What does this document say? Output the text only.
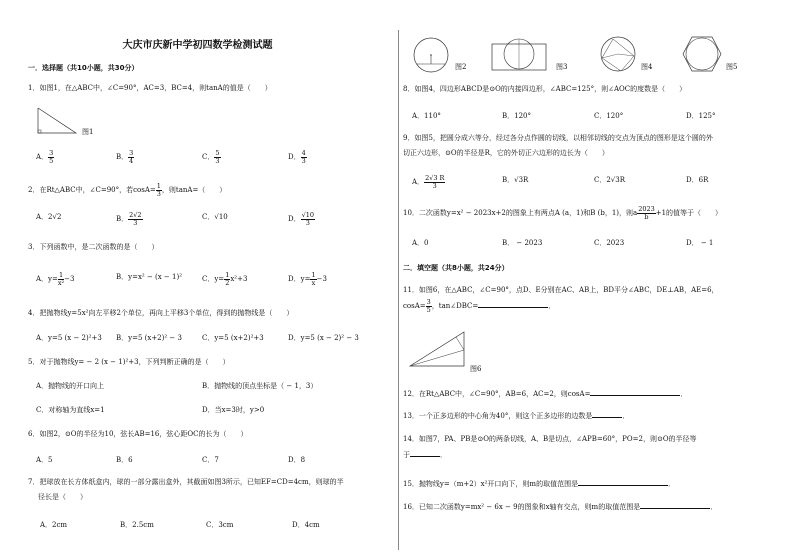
大庆市庆新中学初四数学检测试题
一．选择题（共10小题，共30分）
1．如图1，在△ABC中，∠C=90°，AC=3，BC=4，则tanA的值是（　　）
图1
A． $\frac{3}{5}$	B． $\frac{3}{4}$	C． $\frac{5}{3}$	D． $\frac{4}{3}$
2．在Rt△ABC中，∠C=90°，若$\cos A= \frac{1}{3}$ ，则tanA=（　　）
A．2√2	B． $\frac{2√2}{3}$	C．√10	D． $\frac{√10}{3}$
3．下列函数中，是二次函数的是（　　）
A．$y= \frac{1}{\text{x²}} -3$	B．y=x² − (x − 1)²	C．$y= \frac{1}{2} x^2+3$	D．$y= \frac{1}{x} -3$
4．把抛物线y=5x²向左平移2个单位，再向上平移3个单位，得到的抛物线是（　　）
A．y=5 (x − 2)²+3	B．y=5 (x+2)² − 3	C．y=5 (x+2)²+3	D．y=5 (x − 2)² − 3
5．对于抛物线y= − 2 (x − 1)²+3，下列判断正确的是（　　）
A．抛物线的开口向上	B．抛物线的顶点坐标是（ − 1，3）
C．对称轴为直线x=1	D．当x=3时，y>0
6．如图2，⊙O的半径为10，弦长AB=16，弦心距OC的长为（　　）
A．5	B．6	C．7	D．8
7．把球放在长方体纸盒内，球的一部分露出盒外，其截面如图3所示，已知EF=CD=4cm，则球的半
径长是（　　）
A．2cm	B．2.5cm	C．3cm	D．4cm
图2	图3	图4	图5
8．如图4，四边形ABCD是⊙O的内接四边形，∠ABC=125°，则∠AOC的度数是（　　）
A．110°	B．120°	C．120°	D．125°
9．如图5，把圆分成六等分，经过各分点作圆的切线，以相邻切线的交点为顶点的图形是这个圆的外
切正六边形，⊙O的半径是R，它的外切正六边形的边长为（　　）
A． $\frac{2√3 R}{3}$	B．√3R	C．2√3R	D．6R
10．二次函数y=x² − 2023x+2的图象上有两点A (a，1)和B (b，1)，则a $\frac{2023}{b} +1$的值等于（　　）
A．0	B． − 2023	C．2023	D． − 1
二．填空题（共8小题，共24分）
11．如图6，在△ABC，∠C=90°，点D、E分别在AC、AB上，BD平分∠ABC，DE⊥AB，AE=6，
$\cos A= \frac{3}{5}$ ，tan∠DBC=	．
图6
12．在Rt△ABC中，∠C=90°，AB=6，AC=2，则cosA=	．
13．一个正多边形的中心角为40°，则这个正多边形的边数是	．
14．如图7，PA、PB是⊙O的两条切线，A、B是切点，∠APB=60°，PO=2，则⊙O的半径等
于	．
15．抛物线y=（m+2）x²开口向下，则m的取值范围是	．
16．已知二次函数y=mx² − 6x − 9的图象和x轴有交点，则m的取值范围是	．
